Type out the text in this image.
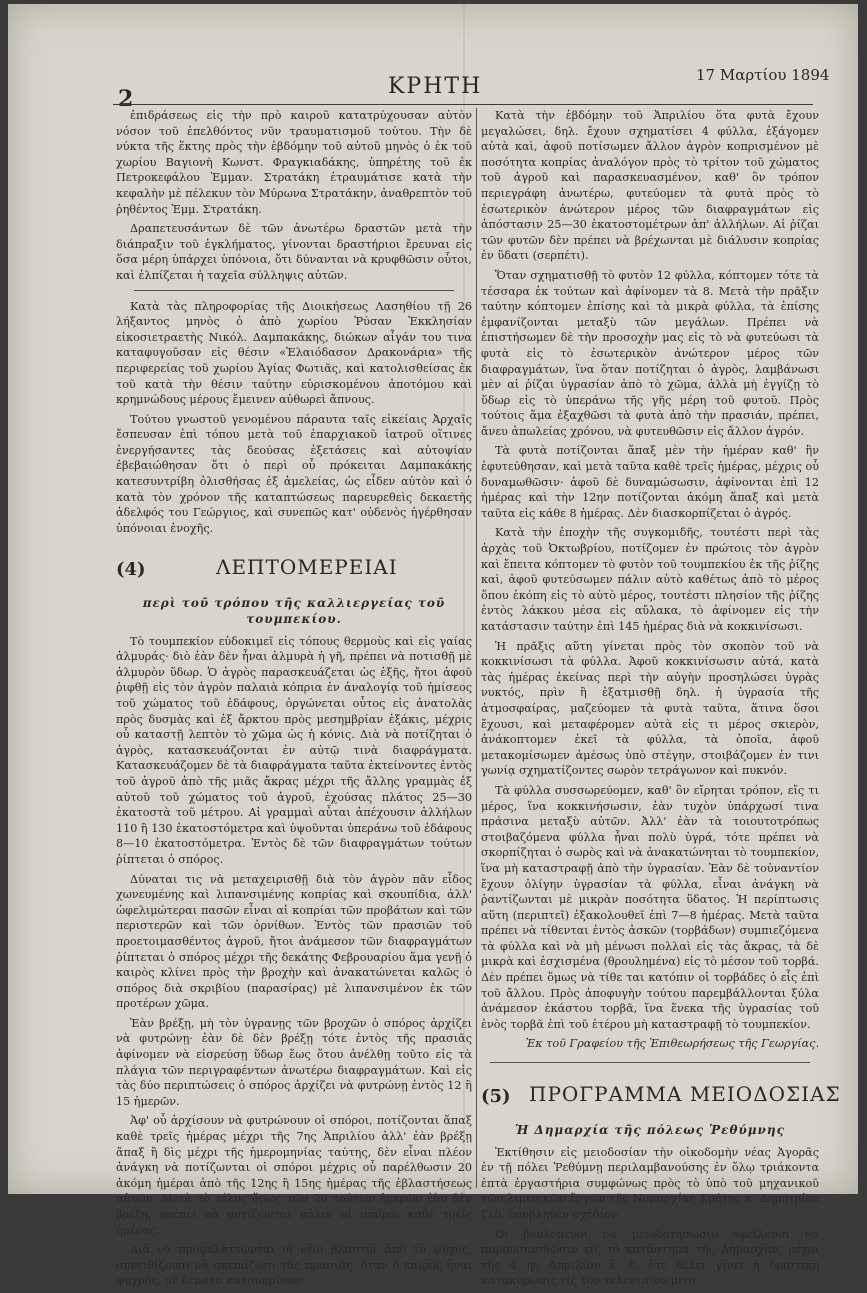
2	ΚΡΗΤΗ	17 Μαρτίου 1894

ἐπιδράσεως εἰς τὴν πρὸ καιροῦ κατατρύχουσαν αὐτὸν νόσον τοῦ ἐπελθόντος νῦν τραυματισμοῦ τούτου. Τὴν δὲ νύκτα τῆς ἕκτης πρὸς τὴν ἑβδόμην τοῦ αὐτοῦ μηνὸς ὁ ἐκ τοῦ χωρίου Βαγιονὴ Κωνστ. Φραγκιαδάκης, ὑπηρέτης τοῦ ἐκ Πετροκεφάλου Ἐμμαν. Στρατάκη ἐτραυμάτισε κατὰ τὴν κεφαλὴν μὲ πέλεκυν τὸν Μύρωνα Στρατάκην, ἀναθρεπτὸν τοῦ ῥηθέντος Ἐμμ. Στρατάκη.

Δραπετευσάντων δὲ τῶν ἀνωτέρω δραστῶν μετὰ τὴν διάπραξιν τοῦ ἐγκλήματος, γίνονται δραστήριοι ἔρευναι εἰς ὅσα μέρη ὑπάρχει ὑπόνοια, ὅτι δύνανται νὰ κρυφθῶσιν οὗτοι, καὶ ἐλπίζεται ἡ ταχεῖα σύλληψις αὐτῶν.

Κατὰ τὰς πληροφορίας τῆς Διοικήσεως Λασηθίου τῇ 26 λήξαντος μηνὸς ὁ ἀπὸ χωρίου Ῥύσαν Ἐκκλησίαν εἰκοσιετραετὴς Νικόλ. Δαμπακάκης, διώκων αἶγάν του τινα καταφυγοῦσαν εἰς θέσιν «Ἐλαιόδασον Δρακονάρια» τῆς περιφερείας τοῦ χωρίου Ἁγίας Φωτιᾶς, καὶ κατολισθείσας ἐκ τοῦ κατὰ τὴν θέσιν ταύτην εὑρισκομένου ἀποτόμου καὶ κρημνώδους μέρους ἔμεινεν αὐθωρεὶ ἄπνους.

Τούτου γνωστοῦ γενομένου πάραυτα ταῖς εἰκείαις Ἀρχαῖς ἔσπευσαν ἐπὶ τόπου μετὰ τοῦ ἐπαρχιακοῦ ἰατροῦ οἵτινες ἐνεργήσαντες τὰς δεούσας ἐξετάσεις καὶ αὐτοψίαν ἐβεβαιώθησαν ὅτι ὁ περὶ οὗ πρόκειται Δαμπακάκης κατεσυντρίβη ὀλισθήσας ἐξ ἀμελείας, ὡς εἶδεν αὐτὸν καὶ ὁ κατὰ τὸν χρόνον τῆς καταπτώσεως παρευρεθεὶς δεκαετὴς ἀδελφός του Γεώργιος, καὶ συνεπῶς κατ' οὐδενὸς ἠγέρθησαν ὑπόνοιαι ἐνοχῆς.

(4)	ΛΕΠΤΟΜΕΡΕΙΑΙ
περὶ τοῦ τρόπου τῆς καλλιεργείας τοῦ τουμπεκίου.

Τὸ τουμπεκίον εὐδοκιμεῖ εἰς τόπους θερμοὺς καὶ εἰς γαίας ἁλμυράς· διὸ ἐὰν δὲν ἦναι ἁλμυρὰ ἡ γῆ, πρέπει νὰ ποτισθῇ μὲ ἁλμυρὸν ὕδωρ. Ὁ ἀγρὸς παρασκευάζεται ὡς ἑξῆς, ἤτοι ἀφοῦ ῥιφθῇ εἰς τὸν ἀγρὸν παλαιὰ κόπρια ἐν ἀναλογίᾳ τοῦ ἡμίσεος τοῦ χώματος τοῦ ἐδάφους, ὀργώνεται οὗτος εἰς ἀνατολὰς πρὸς δυσμὰς καὶ ἐξ ἄρκτου πρὸς μεσημβρίαν ἐξάκις, μέχρις οὗ καταστῇ λεπτὸν τὸ χῶμα ὡς ἡ κόνις. Διὰ νὰ ποτίζηται ὁ ἀγρὸς, κατασκευάζονται ἐν αὐτῷ τινὰ διαφράγματα. Κατασκευάζομεν δὲ τὰ διαφράγματα ταῦτα ἐκτείνοντες ἐντὸς τοῦ ἀγροῦ ἀπὸ τῆς μιᾶς ἄκρας μέχρι τῆς ἄλλης γραμμὰς ἐξ αὐτοῦ τοῦ χώματος τοῦ ἀγροῦ, ἐχούσας πλάτος 25—30 ἑκατοστὰ τοῦ μέτρου. Αἱ γραμμαὶ αὗται ἀπέχουσιν ἀλλήλων 110 ἢ 130 ἑκατοστόμετρα καὶ ὑψοῦνται ὑπεράνω τοῦ ἐδάφους 8—10 ἑκατοστόμετρα. Ἐντὸς δὲ τῶν διαφραγμάτων τούτων ῥίπτεται ὁ σπόρος.

Δύναται τις νὰ μεταχειρισθῇ διὰ τὸν ἀγρὸν πᾶν εἶδος χωνευμένης καὶ λιπανσιμένης κοπρίας καὶ σκουπίδια, ἀλλ' ὠφελιμώτεραι πασῶν εἶναι αἱ κοπρίαι τῶν προβάτων καὶ τῶν περιστερῶν καὶ τῶν ὀρνίθων. Ἐντὸς τῶν πρασιῶν τοῦ προετοιμασθέντος ἀγροῦ, ἤτοι ἀνάμεσον τῶν διαφραγμάτων ῥίπτεται ὁ σπόρος μέχρι τῆς δεκάτης Φεβρουαρίου ἅμα γενῇ ὁ καιρὸς κλίνει πρὸς τὴν βροχὴν καὶ ἀνακατώνεται καλῶς ὁ σπόρος διὰ σκριβίου (παρασίρας) μὲ λιπανσιμένον ἐκ τῶν προτέρων χῶμα.

Ἐὰν βρέξῃ, μὴ τὸν ὑγρανῃς τῶν βροχῶν ὁ σπόρος ἀρχίζει νὰ φυτρώνῃ· ἐὰν δὲ δὲν βρέξῃ τότε ἐντὸς τῆς πρασιᾶς ἀφίνομεν νὰ εἰσρεύσῃ ὕδωρ ἕως ὅτου ἀνέλθῃ τοῦτο εἰς τὰ πλάγια τῶν περιγραφέντων ἀνωτέρω διαφραγμάτων. Καὶ εἰς τὰς δύο περιπτώσεις ὁ σπόρος ἀρχίζει νὰ φυτρώνῃ ἐντὸς 12 ἢ 15 ἡμερῶν.

Ἀφ' οὗ ἀρχίσουν νὰ φυτρώνουν οἱ σπόροι, ποτίζονται ἅπαξ καθὲ τρεῖς ἡμέρας μέχρι τῆς 7ης Ἀπριλίου ἀλλ' ἐὰν βρέξῃ ἅπαξ ἢ δὶς μέχρι τῆς ἡμερομηνίας ταύτης, δὲν εἶναι πλέον ἀνάγκη νὰ ποτίζωνται οἱ σπόροι μέχρις οὗ παρέλθωσιν 20 ἀκόμη ἡμέραι ἀπὸ τῆς 12ης ἢ 15ης ἡμέρας τῆς ἐβλαστήσεως αὐτῶν. Μετὰ τὸ τέλος ὅμως τῶν 20 τούτων ἡμερῶν ἐὰν δὲν βρέξῃ, πρέπει νὰ ποτίζωνται πάλιν οἱ σπόροι καθὲ τρεῖς ἡμέρας.

Διὰ νὰ προφυλάττωνται οἱ νέοι βλαστοὶ ἀπὸ τὸ ψῦχος, συνειθίζουσι νὰ σκεπάζωσι τὰς πρασιάς, ὅταν ὁ καιρὸς ἦναι ψυχρός, μὲ δέματα κατσοπρίνων.

Κατὰ τὴν ἑβδόμην τοῦ Ἀπριλίου ὅτα φυτὰ ἔχουν μεγαλώσει, δηλ. ἔχουν σχηματίσει 4 φύλλα, ἐξάγομεν αὐτὰ καὶ, ἀφοῦ ποτίσωμεν ἄλλον ἀγρὸν κοπρισμένον μὲ ποσότητα κοπρίας ἀναλόγον πρὸς τὸ τρίτον τοῦ χώματος τοῦ ἀγροῦ καὶ παρασκευασμένον, καθ' ὃν τρόπον περιεγράφη ἀνωτέρω, φυτεύομεν τὰ φυτὰ πρὸς τὸ ἐσωτερικὸν ἀνώτερον μέρος τῶν διαφραγμάτων εἰς ἀπόστασιν 25—30 ἑκατοστομέτρων ἀπ' ἀλλήλων. Αἱ ῥίζαι τῶν φυτῶν δὲν πρέπει νὰ βρέχωνται μὲ διάλυσιν κοπρίας ἐν ὕδατι (σερπέτι).

Ὅταν σχηματισθῇ τὸ φυτὸν 12 φύλλα, κόπτομεν τότε τὰ τέσσαρα ἐκ τούτων καὶ ἀφίνομεν τὰ 8. Μετὰ τὴν πρᾶξιν ταύτην κόπτομεν ἐπίσης καὶ τὰ μικρὰ φύλλα, τὰ ἐπίσης ἐμφανίζονται μεταξὺ τῶν μεγάλων. Πρέπει νὰ ἐπιστήσωμεν δὲ τὴν προσοχὴν μας εἰς τὸ νὰ φυτεύωσι τὰ φυτὰ εἰς τὸ ἐσωτερικὸν ἀνώτερον μέρος τῶν διαφραγμάτων, ἵνα ὅταν ποτίζηται ὁ ἀγρὸς, λαμβάνωσι μὲν αἱ ῥίζαι ὑγρασίαν ἀπὸ τὸ χῶμα, ἀλλὰ μὴ ἐγγίζῃ τὸ ὕδωρ εἰς τὸ ὑπεράνω τῆς γῆς μέρη τοῦ φυτοῦ. Πρὸς τούτοις ἅμα ἐξαχθῶσι τὰ φυτὰ ἀπὸ τὴν πρασιάν, πρέπει, ἄνευ ἀπωλείας χρόνου, νὰ φυτευθῶσιν εἰς ἄλλον ἀγρόν.

Τὰ φυτὰ ποτίζονται ἅπαξ μὲν τὴν ἡμέραν καθ' ἣν ἐφυτεύθησαν, καὶ μετὰ ταῦτα καθὲ τρεῖς ἡμέρας, μέχρις οὗ δυναμωθῶσιν· ἀφοῦ δὲ δυναμώσωσιν, ἀφίνονται ἐπὶ 12 ἡμέρας καὶ τὴν 12ην ποτίζονται ἀκόμη ἅπαξ καὶ μετὰ ταῦτα εἰς κάθε 8 ἡμέρας. Δὲν διασκορπίζεται ὁ ἀγρός.

Κατὰ τὴν ἐποχὴν τῆς συγκομιδῆς, τουτέστι περὶ τὰς ἀρχὰς τοῦ Ὀκτωβρίου, ποτίζομεν ἐν πρώτοις τὸν ἀγρὸν καὶ ἔπειτα κόπτομεν τὸ φυτὸν τοῦ τουμπεκίου ἐκ τῆς ῥίζης καὶ, ἀφοῦ φυτεύσωμεν πάλιν αὐτὸ καθέτως ἀπὸ τὸ μέρος ὅπου ἐκόπη εἰς τὸ αὐτὸ μέρος, τουτέστι πλησίον τῆς ῥίζης ἐντὸς λάκκου μέσα εἰς αὔλακα, τὸ ἀφίνομεν εἰς τὴν κατάστασιν ταύτην ἐπὶ 145 ἡμέρας διὰ νὰ κοκκινίσωσι.

Ἡ πρᾶξις αὕτη γίνεται πρὸς τὸν σκοπὸν τοῦ νὰ κοκκινίσωσι τὰ φύλλα. Ἀφοῦ κοκκινίσωσιν αὐτά, κατὰ τὰς ἡμέρας ἐκείνας περὶ τὴν αὐγὴν προσηλώσει ὑγρὰς νυκτός, πρὶν ἢ ἐξατμισθῇ δηλ. ἡ ὑγρασία τῆς ἀτμοσφαίρας, μαζεύομεν τὰ φυτὰ ταῦτα, ἅτινα ὅσοι ἔχουσι, καὶ μεταφέρομεν αὐτὰ εἰς τι μέρος σκιερὸν, ἀνάκοπτομεν ἐκεῖ τὰ φύλλα, τὰ ὁποῖα, ἀφοῦ μετακομίσωμεν ἀμέσως ὑπὸ στέγην, στοιβάζομεν ἐν τινι γωνίᾳ σχηματίζοντες σωρὸν τετράγωνον καὶ πυκνόν.

Τὰ φύλλα συσσωρεύομεν, καθ' ὃν εἴρηται τρόπον, εἴς τι μέρος, ἵνα κοκκινήσωσιν, ἐὰν τυχὸν ὑπάρχωσί τινα πράσινα μεταξὺ αὐτῶν. Ἀλλ' ἐὰν τὰ τοιουτοτρόπως στοιβαζόμενα φύλλα ἦναι πολὺ ὑγρά, τότε πρέπει νὰ σκορπίζηται ὁ σωρὸς καὶ νὰ ἀνακατώνηται τὸ τουμπεκίον, ἵνα μὴ καταστραφῇ ἀπὸ τὴν ὑγρασίαν. Ἐὰν δὲ τοὐναντίον ἔχουν ὀλίγην ὑγρασίαν τὰ φύλλα, εἶναι ἀνάγκη νὰ ῥαντίζωνται μὲ μικρὰν ποσότητα ὕδατος. Ἡ περίπτωσις αὕτη (περιπτεῖ) ἐξακολουθεῖ ἐπὶ 7—8 ἡμέρας. Μετὰ ταῦτα πρέπει νὰ τίθενται ἐντὸς ἀσκῶν (τορβάδων) συμπιεζόμενα τὰ φύλλα καὶ νὰ μὴ μένωσι πολλαὶ εἰς τὰς ἄκρας, τὰ δὲ μικρὰ καὶ ἐσχισμένα (θρουλημένα) εἰς τὸ μέσον τοῦ τορβά. Δὲν πρέπει ὅμως νὰ τίθε ται κατόπιν οἱ τορβάδες ὁ εἷς ἐπὶ τοῦ ἄλλου. Πρὸς ἀποφυγὴν τούτου παρεμβάλλονται ξύλα ἀνάμεσον ἑκάστου τορβᾶ, ἵνα ἕνεκα τῆς ὑγρασίας τοῦ ἑνὸς τορβᾶ ἐπὶ τοῦ ἑτέρου μὴ καταστραφῇ τὸ τουμπεκίον.

Ἐκ τοῦ Γραφείου τῆς Ἐπιθεωρήσεως τῆς Γεωργίας.
(5) ΠΡΟΓΡΑΜΜΑ ΜΕΙΟΔΟΣΙΑΣ
Ἡ Δημαρχία τῆς πόλεως Ῥεθύμνης

Ἐκτίθησιν εἰς μειοδοσίαν τὴν οἰκοδομὴν νέας Ἀγορᾶς ἐν τῇ πόλει Ῥεθύμνῃ περιλαμβανούσης ἐν ὅλῳ τριάκοντα ἑπτὰ ἐργαστήρια συμφώνως πρὸς τὸ ὑπὸ τοῦ μηχανικοῦ τῶν λιμενικῶν ἔργων τῆς Νομαρχίας Κρήτης κ. Δημητρίου Γεδ. ὑποβληθὲν σχέδιον.

Οἱ βουλόμενοι να μειοδοτήσωσιν ὀφείλουσι να παρουσιασθῶσιν εἰς τὸ κατάστημα τῆς Δημαρχίας μέχρι τῆς 4 ης Ἀπριλίου ἐ. ἔ. ὅτε θέλει γίνει ἡ ὁριστικὴ κατακύρωσις εἰς τὸν τελευταῖον μειο
